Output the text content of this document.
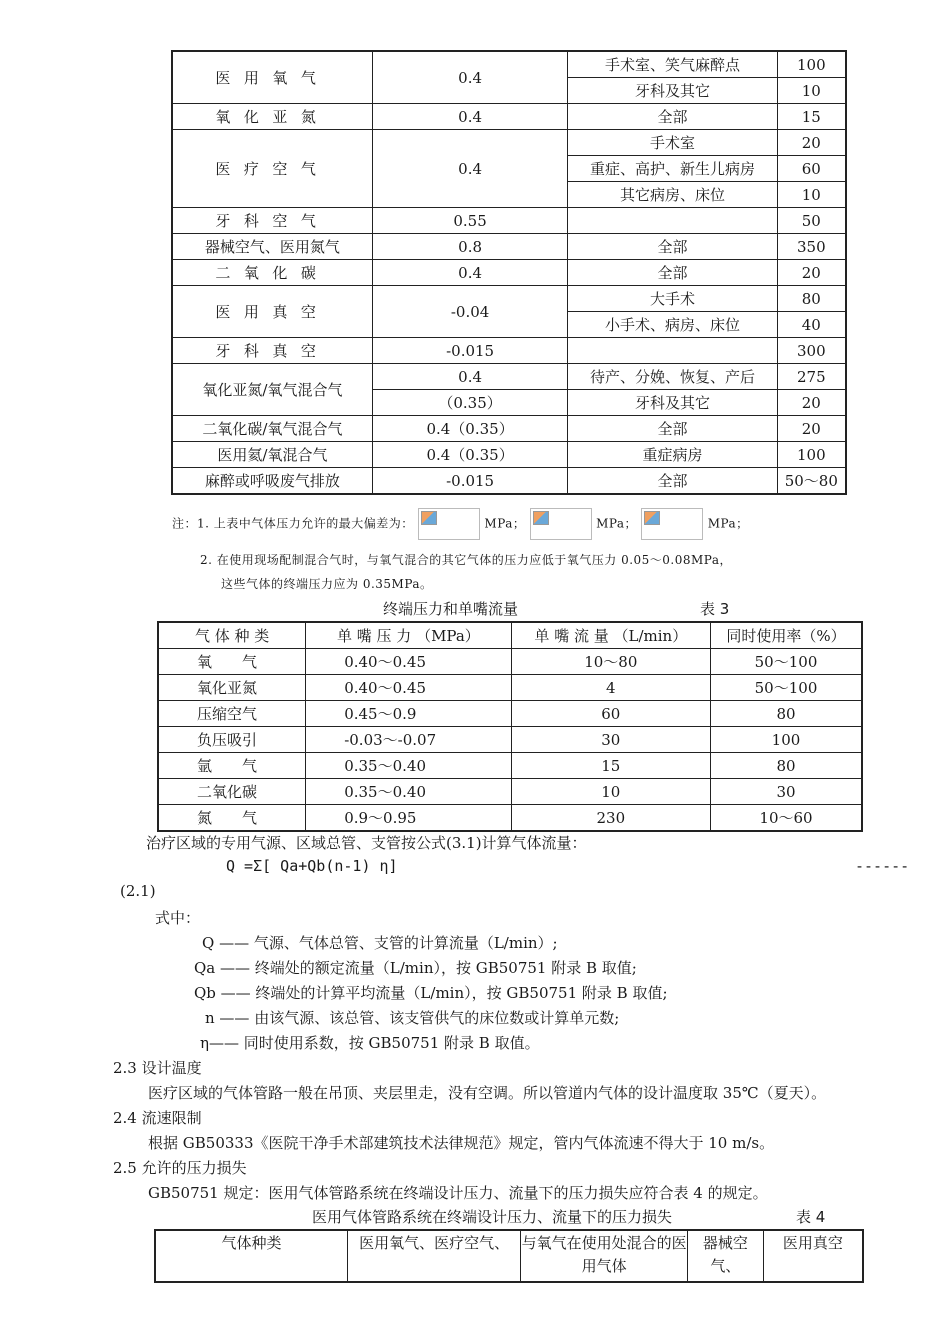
医用氧气	0.4	手术室、笑气麻醉点	100
		牙科及其它	10
氧化亚氮	0.4	全部	15
医疗空气	0.4	手术室	20
		重症、高护、新生儿病房	60
		其它病房、床位	10
牙科空气	0.55		50
器械空气、医用氮气	0.8	全部	350
二氧化碳	0.4	全部	20
医用真空	-0.04	大手术	80
		小手术、病房、床位	40
牙科真空	-0.015		300
氧化亚氮/氧气混合气	0.4	待产、分娩、恢复、产后	275
	（0.35）	牙科及其它	20
二氧化碳/氧气混合气	0.4（0.35）	全部	20
医用氦/氧混合气	0.4（0.35）	重症病房	100
麻醉或呼吸废气排放	-0.015	全部	50～80
注：1. 上表中气体压力允许的最大偏差为：	MPa；	MPa；	MPa；
2. 在使用现场配制混合气时，与氧气混合的其它气体的压力应低于氧气压力 0.05～0.08MPa，
这些气体的终端压力应为 0.35MPa。
终端压力和单嘴流量	表 3
气 体 种 类	单 嘴 压 力 （MPa）	单 嘴 流 量 （L/min）	同时使用率（%）
氧　　气	0.40～0.45	10～80	50～100
氧化亚氮	0.40～0.45	4	50～100
压缩空气	0.45～0.9	60	80
负压吸引	-0.03～-0.07	30	100
氩　　气	0.35～0.40	15	80
二氧化碳	0.35～0.40	10	30
氮　　气	0.9～0.95	230	10～60
治疗区域的专用气源、区域总管、支管按公式(3.1)计算气体流量：
Q =Σ[ Qa+Qb(n-1) η]	------
(2.1)
式中：
Q —— 气源、气体总管、支管的计算流量（L/min）;
Qa —— 终端处的额定流量（L/min），按 GB50751 附录 B 取值;
Qb —— 终端处的计算平均流量（L/min），按 GB50751 附录 B 取值;
n —— 由该气源、该总管、该支管供气的床位数或计算单元数;
η—— 同时使用系数，按 GB50751 附录 B 取值。
2.3 设计温度
医疗区域的气体管路一般在吊顶、夹层里走，没有空调。所以管道内气体的设计温度取 35℃（夏天）。
2.4 流速限制
根据 GB50333《医院干净手术部建筑技术法律规范》规定，管内气体流速不得大于 10 m/s。
2.5 允许的压力损失
GB50751 规定：医用气体管路系统在终端设计压力、流量下的压力损失应符合表 4 的规定。
医用气体管路系统在终端设计压力、流量下的压力损失	表 4
气体种类	医用氧气、医疗空气、	与氧气在使用处混合的医用气体	器械空气、	医用真空
